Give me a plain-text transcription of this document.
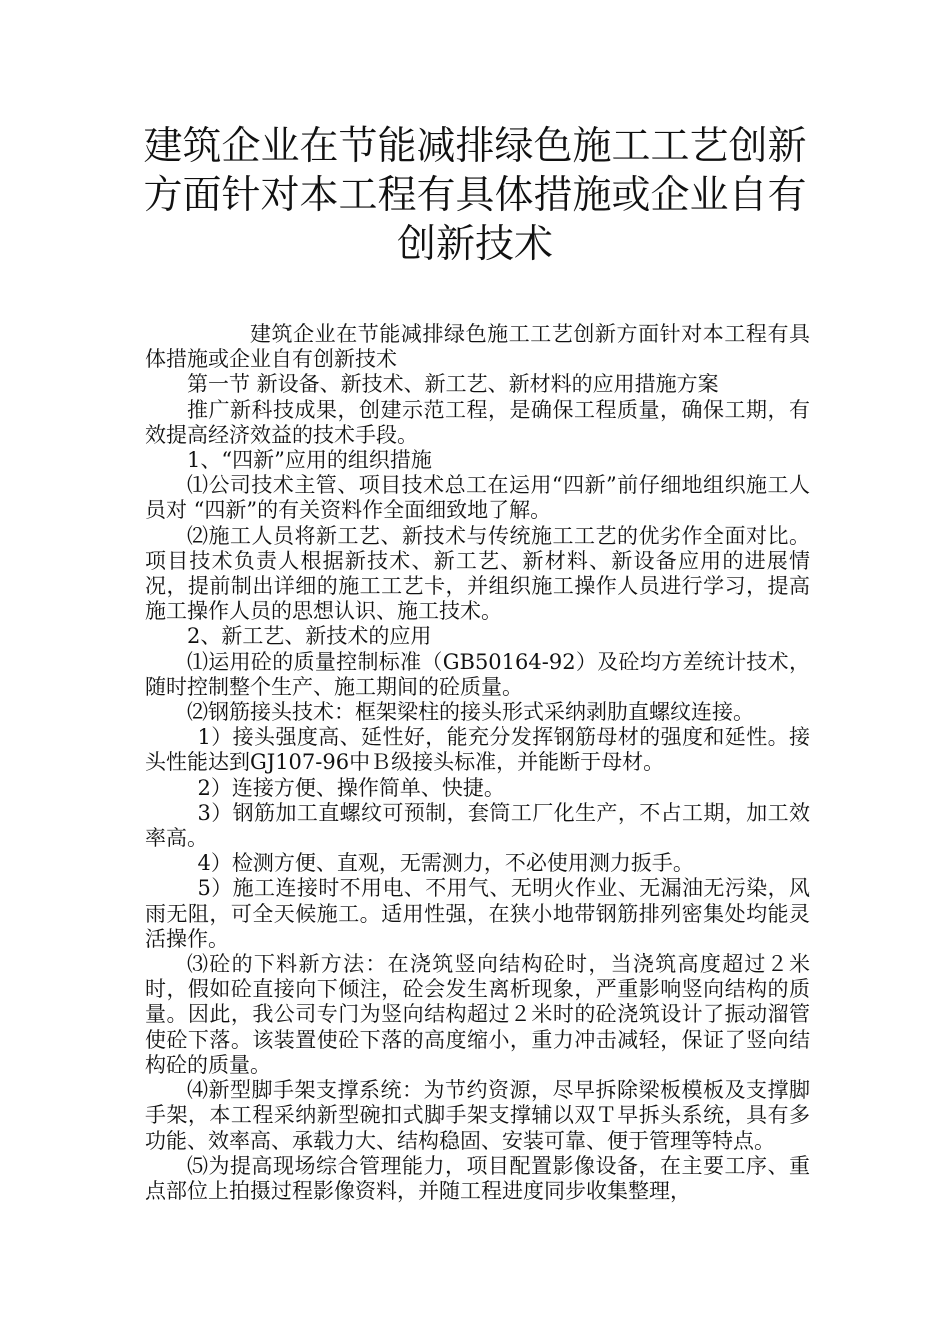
建筑企业在节能减排绿色施工工艺创新方面针对本工程有具体措施或企业自有创新技术

建筑企业在节能减排绿色施工工艺创新方面针对本工程有具体措施或企业自有创新技术

第一节 新设备、新技术、新工艺、新材料的应用措施方案

推广新科技成果，创建示范工程，是确保工程质量，确保工期，有效提高经济效益的技术手段。

1、“四新”应用的组织措施

⑴公司技术主管、项目技术总工在运用“四新”前仔细地组织施工人员对 “四新”的有关资料作全面细致地了解。

⑵施工人员将新工艺、新技术与传统施工工艺的优劣作全面对比。项目技术负责人根据新技术、新工艺、新材料、新设备应用的进展情况，提前制出详细的施工工艺卡，并组织施工操作人员进行学习，提高施工操作人员的思想认识、施工技术。

2、新工艺、新技术的应用

⑴运用砼的质量控制标准（GB50164-92）及砼均方差统计技术，随时控制整个生产、施工期间的砼质量。

⑵钢筋接头技术：框架梁柱的接头形式采纳剥肋直螺纹连接。

1）接头强度高、延性好，能充分发挥钢筋母材的强度和延性。接头性能达到GJ107-96中Ｂ级接头标准，并能断于母材。

2）连接方便、操作简单、快捷。

3）钢筋加工直螺纹可预制，套筒工厂化生产，不占工期，加工效率高。

4）检测方便、直观，无需测力，不必使用测力扳手。

5）施工连接时不用电、不用气、无明火作业、无漏油无污染，风雨无阻，可全天候施工。适用性强，在狭小地带钢筋排列密集处均能灵活操作。

⑶砼的下料新方法：在浇筑竖向结构砼时，当浇筑高度超过２米时，假如砼直接向下倾注，砼会发生离析现象，严重影响竖向结构的质量。因此，我公司专门为竖向结构超过２米时的砼浇筑设计了振动溜管使砼下落。该装置使砼下落的高度缩小，重力冲击减轻，保证了竖向结构砼的质量。

⑷新型脚手架支撑系统：为节约资源，尽早拆除梁板模板及支撑脚手架，本工程采纳新型碗扣式脚手架支撑辅以双Ｔ早拆头系统，具有多功能、效率高、承载力大、结构稳固、安装可靠、便于管理等特点。

⑸为提高现场综合管理能力，项目配置影像设备，在主要工序、重点部位上拍摄过程影像资料，并随工程进度同步收集整理，
